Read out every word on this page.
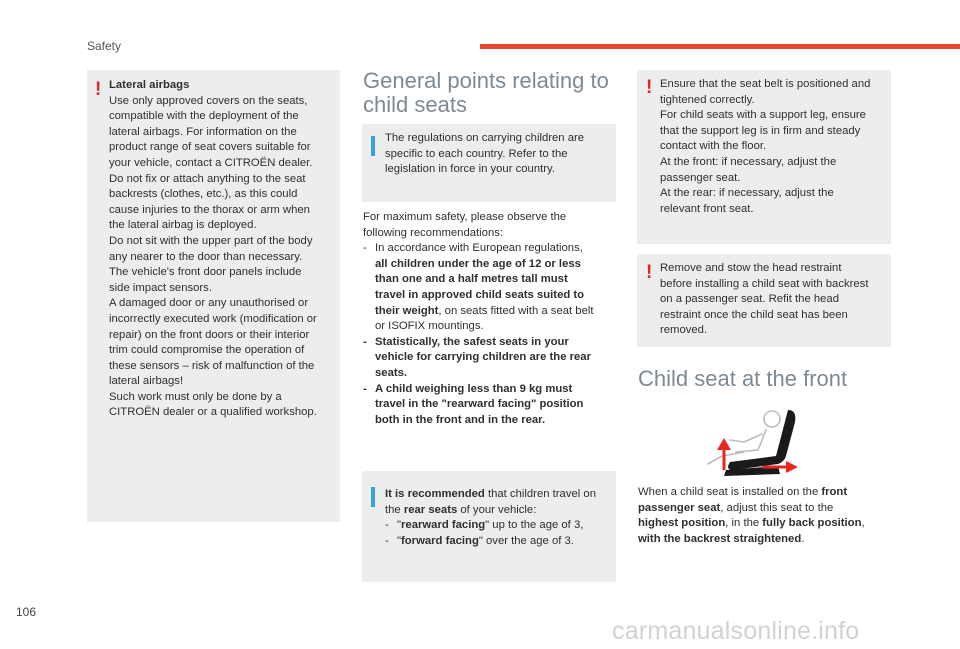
Safety
! Lateral airbags
Use only approved covers on the seats,
compatible with the deployment of the
lateral airbags. For information on the
product range of seat covers suitable for
your vehicle, contact a CITROËN dealer.
Do not fix or attach anything to the seat
backrests (clothes, etc.), as this could
cause injuries to the thorax or arm when
the lateral airbag is deployed.
Do not sit with the upper part of the body
any nearer to the door than necessary.
The vehicle's front door panels include
side impact sensors.
A damaged door or any unauthorised or
incorrectly executed work (modification or
repair) on the front doors or their interior
trim could compromise the operation of
these sensors – risk of malfunction of the
lateral airbags!
Such work must only be done by a
CITROËN dealer or a qualified workshop.
General points relating to
child seats
The regulations on carrying children are
specific to each country. Refer to the
legislation in force in your country.
For maximum safety, please observe the
following recommendations:
- In accordance with European regulations,
all children under the age of 12 or less
than one and a half metres tall must
travel in approved child seats suited to
their weight, on seats fitted with a seat belt
or ISOFIX mountings.
- Statistically, the safest seats in your
vehicle for carrying children are the rear
seats.
- A child weighing less than 9 kg must
travel in the "rearward facing" position
both in the front and in the rear.
It is recommended that children travel on
the rear seats of your vehicle:
- "rearward facing" up to the age of 3,
- "forward facing" over the age of 3.
! Ensure that the seat belt is positioned and
tightened correctly.
For child seats with a support leg, ensure
that the support leg is in firm and steady
contact with the floor.
At the front: if necessary, adjust the
passenger seat.
At the rear: if necessary, adjust the
relevant front seat.
! Remove and stow the head restraint
before installing a child seat with backrest
on a passenger seat. Refit the head
restraint once the child seat has been
removed.
Child seat at the front
When a child seat is installed on the front
passenger seat, adjust this seat to the
highest position, in the fully back position,
with the backrest straightened.
106
carmanualsonline.info
